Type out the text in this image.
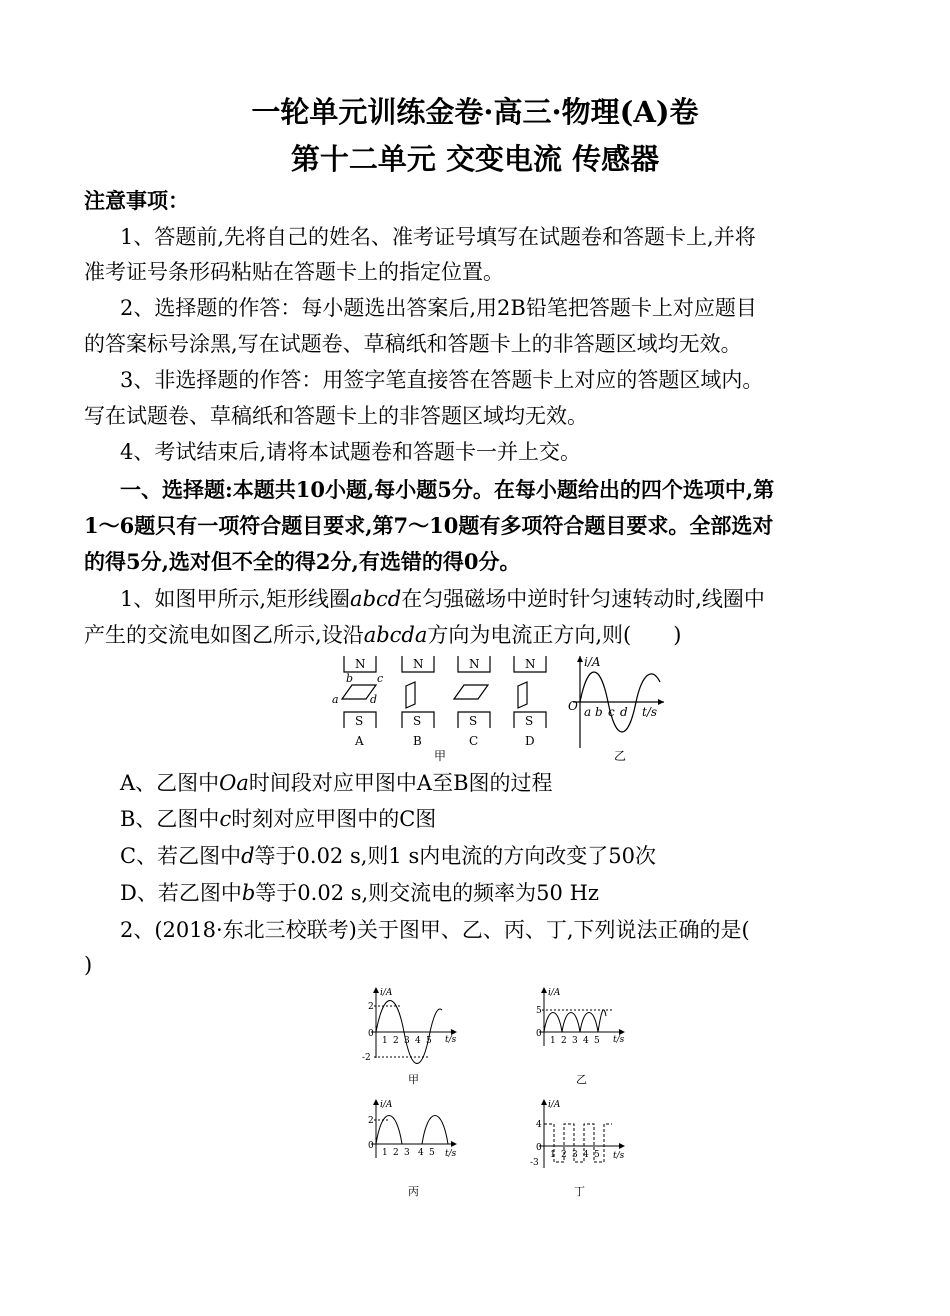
一轮单元训练金卷·高三·物理(A)卷
第十二单元 交变电流 传感器
注意事项：
1、答题前,先将自己的姓名、准考证号填写在试题卷和答题卡上,并将
准考证号条形码粘贴在答题卡上的指定位置。
2、选择题的作答：每小题选出答案后,用2B铅笔把答题卡上对应题目
的答案标号涂黑,写在试题卷、草稿纸和答题卡上的非答题区域均无效。
3、非选择题的作答：用签字笔直接答在答题卡上对应的答题区域内。
写在试题卷、草稿纸和答题卡上的非答题区域均无效。
4、考试结束后,请将本试题卷和答题卡一并上交。
一、选择题:本题共10小题,每小题5分。在每小题给出的四个选项中,第
1～6题只有一项符合题目要求,第7～10题有多项符合题目要求。全部选对
的得5分,选对但不全的得2分,有选错的得0分。
1、如图甲所示,矩形线圈abcd在匀强磁场中逆时针匀速转动时,线圈中
产生的交流电如图乙所示,设沿abcda方向为电流正方向,则(　　)
N	N	N	N
S	S	S	S
A	B	C	D
甲	乙
i/A
t/s
O a b c d
a
b c
d
A、乙图中Oa时间段对应甲图中A至B图的过程
B、乙图中c时刻对应甲图中的C图
C、若乙图中d等于0.02 s,则1 s内电流的方向改变了50次
D、若乙图中b等于0.02 s,则交流电的频率为50 Hz
2、(2018·东北三校联考)关于图甲、乙、丙、丁,下列说法正确的是(
)
i/A
t/s
0
2
-2
1 2 3 4 5
甲
i/A
t/s
0
5
1 2 3 4 5
乙
i/A
t/s
0
2
1 2 3 4 5
丙
i/A
t/s
0
4
-3
1 2 3 4 5
丁
